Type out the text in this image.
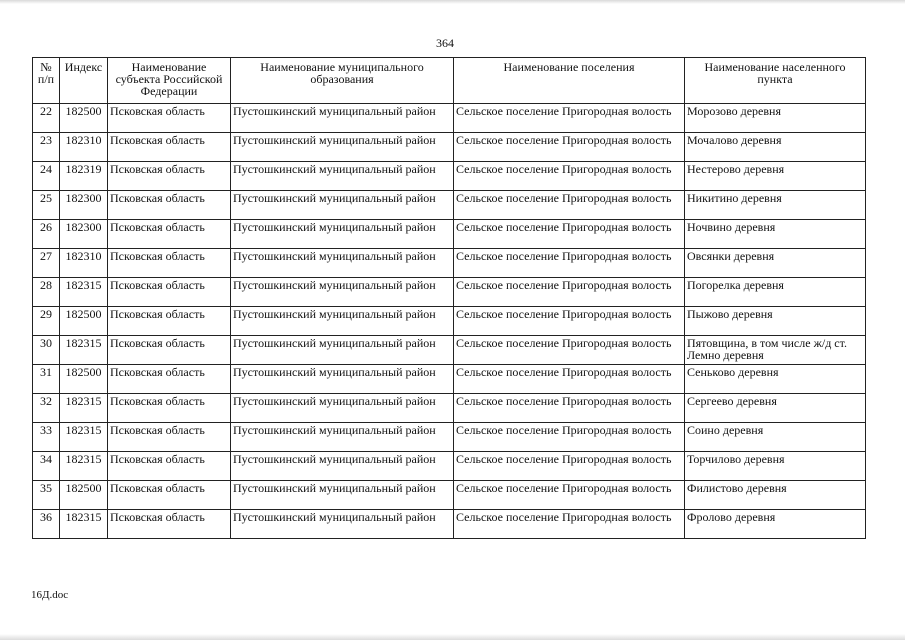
364
№ п/п	Индекс	Наименование субъекта Российской Федерации	Наименование муниципального образования	Наименование поселения	Наименование населенного пункта
22	182500	Псковская область	Пустошкинский муниципальный район	Сельское поселение Пригородная волость	Морозово деревня
23	182310	Псковская область	Пустошкинский муниципальный район	Сельское поселение Пригородная волость	Мочалово деревня
24	182319	Псковская область	Пустошкинский муниципальный район	Сельское поселение Пригородная волость	Нестерово деревня
25	182300	Псковская область	Пустошкинский муниципальный район	Сельское поселение Пригородная волость	Никитино деревня
26	182300	Псковская область	Пустошкинский муниципальный район	Сельское поселение Пригородная волость	Ночвино деревня
27	182310	Псковская область	Пустошкинский муниципальный район	Сельское поселение Пригородная волость	Овсянки деревня
28	182315	Псковская область	Пустошкинский муниципальный район	Сельское поселение Пригородная волость	Погорелка деревня
29	182500	Псковская область	Пустошкинский муниципальный район	Сельское поселение Пригородная волость	Пыжово деревня
30	182315	Псковская область	Пустошкинский муниципальный район	Сельское поселение Пригородная волость	Пятовщина, в том числе ж/д ст. Лемно деревня
31	182500	Псковская область	Пустошкинский муниципальный район	Сельское поселение Пригородная волость	Сеньково деревня
32	182315	Псковская область	Пустошкинский муниципальный район	Сельское поселение Пригородная волость	Сергеево деревня
33	182315	Псковская область	Пустошкинский муниципальный район	Сельское поселение Пригородная волость	Соино деревня
34	182315	Псковская область	Пустошкинский муниципальный район	Сельское поселение Пригородная волость	Торчилово деревня
35	182500	Псковская область	Пустошкинский муниципальный район	Сельское поселение Пригородная волость	Филистово деревня
36	182315	Псковская область	Пустошкинский муниципальный район	Сельское поселение Пригородная волость	Фролово деревня
16Д.doc
